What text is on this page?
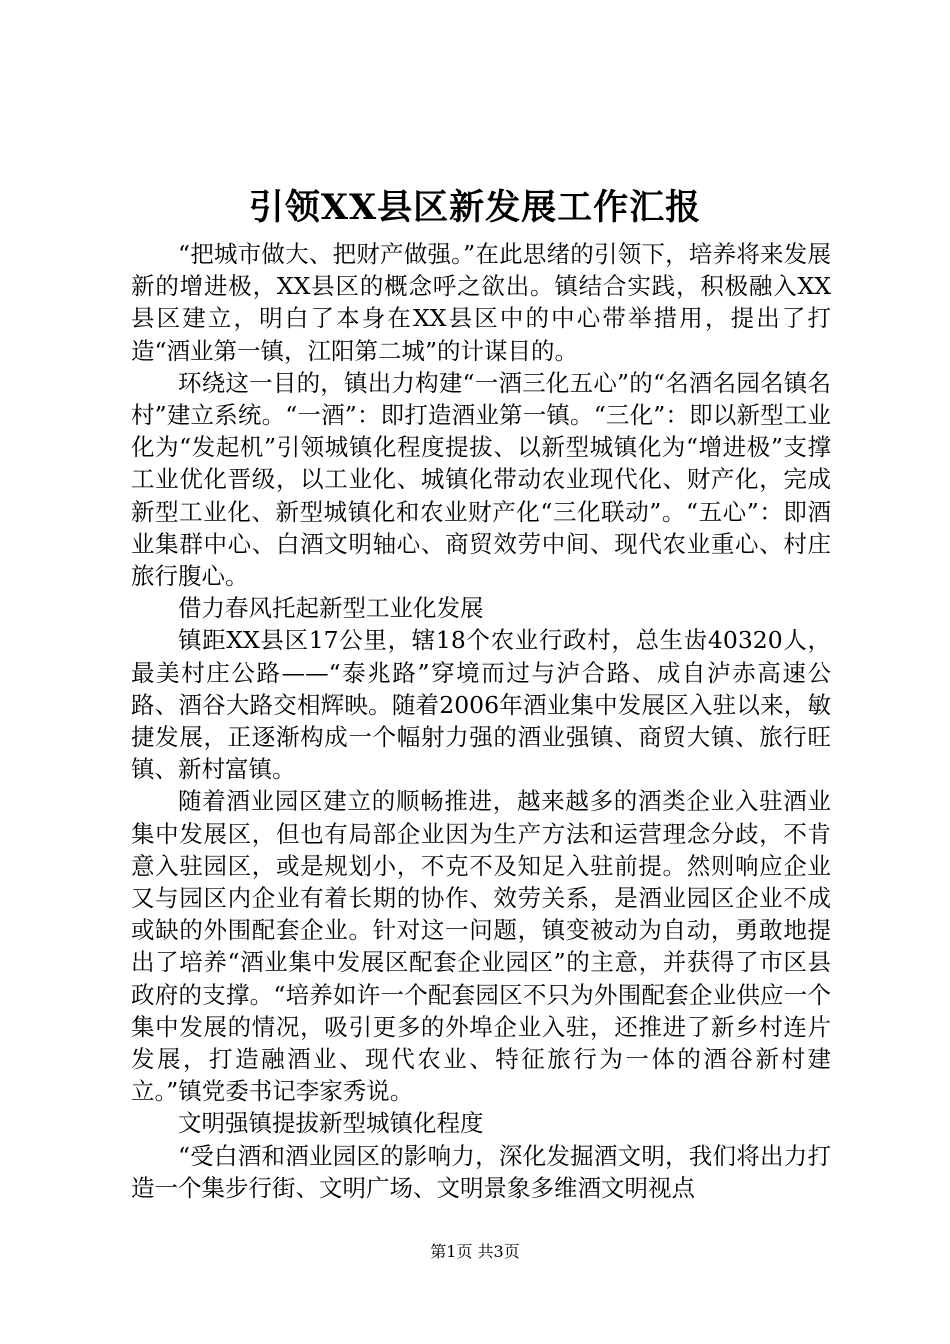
引领XX县区新发展工作汇报

“把城市做大、把财产做强。”在此思绪的引领下，培养将来发展新的增进极，XX县区的概念呼之欲出。镇结合实践，积极融入XX县区建立，明白了本身在XX县区中的中心带举措用，提出了打造“酒业第一镇，江阳第二城”的计谋目的。

环绕这一目的，镇出力构建“一酒三化五心”的“名酒名园名镇名村”建立系统。“一酒”：即打造酒业第一镇。“三化”：即以新型工业化为“发起机”引领城镇化程度提拔、以新型城镇化为“增进极”支撑工业优化晋级，以工业化、城镇化带动农业现代化、财产化，完成新型工业化、新型城镇化和农业财产化“三化联动”。“五心”：即酒业集群中心、白酒文明轴心、商贸效劳中间、现代农业重心、村庄旅行腹心。

借力春风托起新型工业化发展

镇距XX县区17公里，辖18个农业行政村，总生齿40320人，最美村庄公路——“泰兆路”穿境而过与泸合路、成自泸赤高速公路、酒谷大路交相辉映。随着2006年酒业集中发展区入驻以来，敏捷发展，正逐渐构成一个幅射力强的酒业强镇、商贸大镇、旅行旺镇、新村富镇。

随着酒业园区建立的顺畅推进，越来越多的酒类企业入驻酒业集中发展区，但也有局部企业因为生产方法和运营理念分歧，不肯意入驻园区，或是规划小，不克不及知足入驻前提。然则响应企业又与园区内企业有着长期的协作、效劳关系，是酒业园区企业不成或缺的外围配套企业。针对这一问题，镇变被动为自动，勇敢地提出了培养“酒业集中发展区配套企业园区”的主意，并获得了市区县政府的支撑。“培养如许一个配套园区不只为外围配套企业供应一个集中发展的情况，吸引更多的外埠企业入驻，还推进了新乡村连片发展，打造融酒业、现代农业、特征旅行为一体的酒谷新村建立。”镇党委书记李家秀说。

文明强镇提拔新型城镇化程度

“受白酒和酒业园区的影响力，深化发掘酒文明，我们将出力打造一个集步行街、文明广场、文明景象多维酒文明视点

第1页 共3页
